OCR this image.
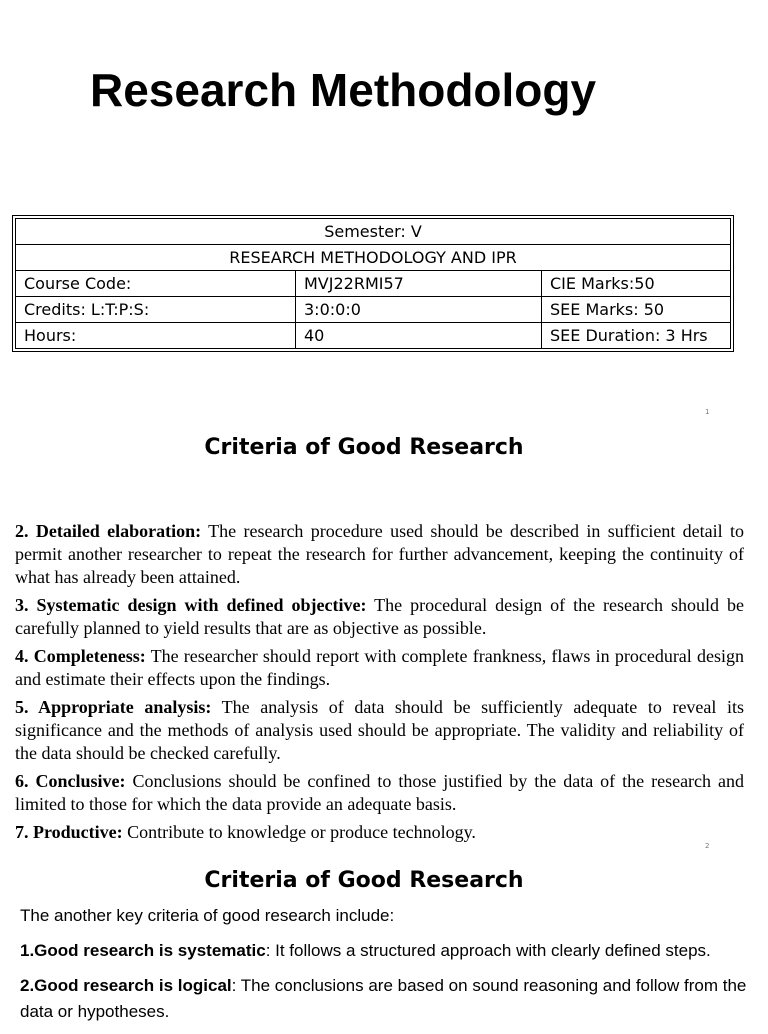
Research Methodology
Semester: V		
RESEARCH METHODOLOGY AND IPR		
Course Code:	MVJ22RMI57	CIE Marks:50
Credits: L:T:P:S:	3:0:0:0	SEE Marks: 50
Hours:	40	SEE Duration: 3 Hrs
1
Criteria of Good Research

2. Detailed elaboration: The research procedure used should be described in sufficient detail to permit another researcher to repeat the research for further advancement, keeping the continuity of what has already been attained.

3. Systematic design with defined objective: The procedural design of the research should be carefully planned to yield results that are as objective as possible.

4. Completeness: The researcher should report with complete frankness, flaws in procedural design and estimate their effects upon the findings.

5. Appropriate analysis: The analysis of data should be sufficiently adequate to reveal its significance and the methods of analysis used should be appropriate. The validity and reliability of the data should be checked carefully.

6. Conclusive: Conclusions should be confined to those justified by the data of the research and limited to those for which the data provide an adequate basis.

7. Productive: Contribute to knowledge or produce technology.

2
Criteria of Good Research

The another key criteria of good research include:

1.Good research is systematic: It follows a structured approach with clearly defined steps.

2.Good research is logical: The conclusions are based on sound reasoning and follow from the data or hypotheses.
